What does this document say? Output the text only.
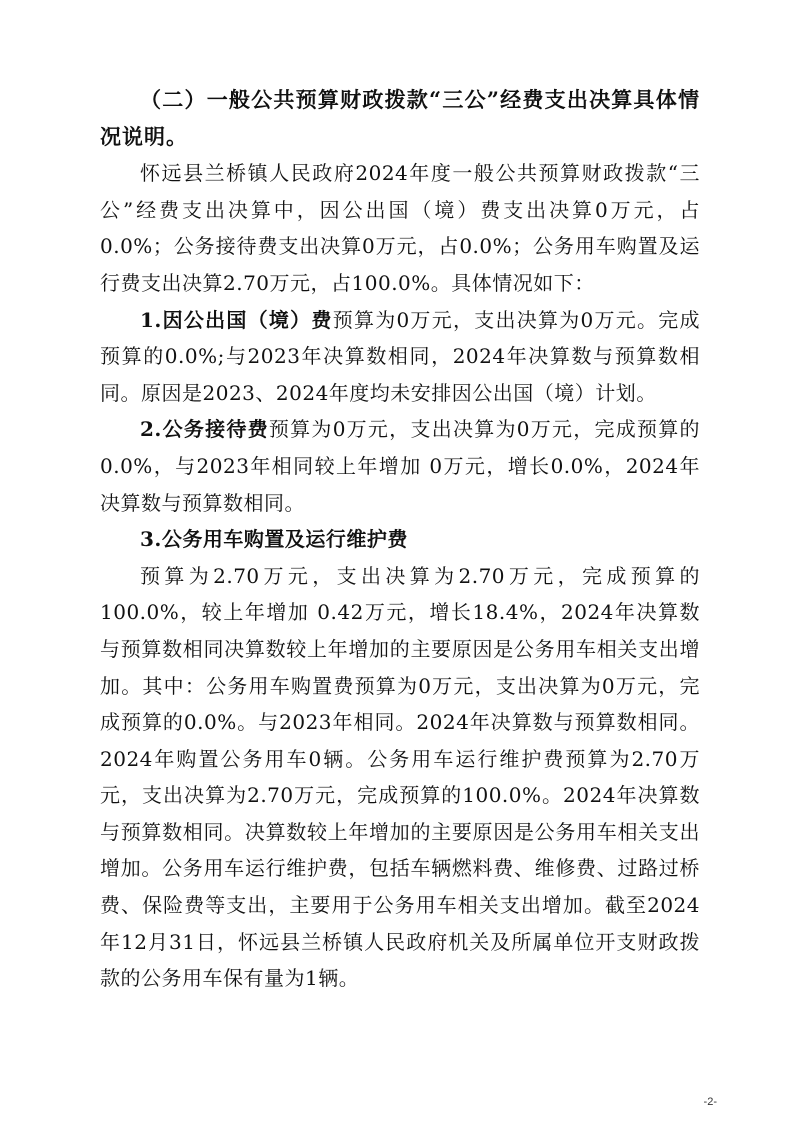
（二）一般公共预算财政拨款“三公”经费支出决算具体情况说明。

怀远县兰桥镇人民政府2024年度一般公共预算财政拨款“三公”经费支出决算中，因公出国（境）费支出决算0万元，占0.0%；公务接待费支出决算0万元，占0.0%；公务用车购置及运行费支出决算2.70万元，占100.0%。具体情况如下：

1.因公出国（境）费预算为0万元，支出决算为0万元。完成预算的0.0%;与2023年决算数相同，2024年决算数与预算数相同。原因是2023、2024年度均未安排因公出国（境）计划。

2.公务接待费预算为0万元，支出决算为0万元，完成预算的 0.0%，与2023年相同较上年增加 0万元，增长0.0%，2024年决算数与预算数相同。

3.公务用车购置及运行维护费

预算为2.70万元，支出决算为2.70万元，完成预算的100.0%，较上年增加 0.42万元，增长18.4%，2024年决算数与预算数相同决算数较上年增加的主要原因是公务用车相关支出增加。其中：公务用车购置费预算为0万元，支出决算为0万元，完成预算的0.0%。与2023年相同。2024年决算数与预算数相同。2024年购置公务用车0辆。公务用车运行维护费预算为2.70万元，支出决算为2.70万元，完成预算的100.0%。2024年决算数与预算数相同。决算数较上年增加的主要原因是公务用车相关支出增加。公务用车运行维护费，包括车辆燃料费、维修费、过路过桥费、保险费等支出，主要用于公务用车相关支出增加。截至2024年12月31日，怀远县兰桥镇人民政府机关及所属单位开支财政拨款的公务用车保有量为1辆。

-2-
